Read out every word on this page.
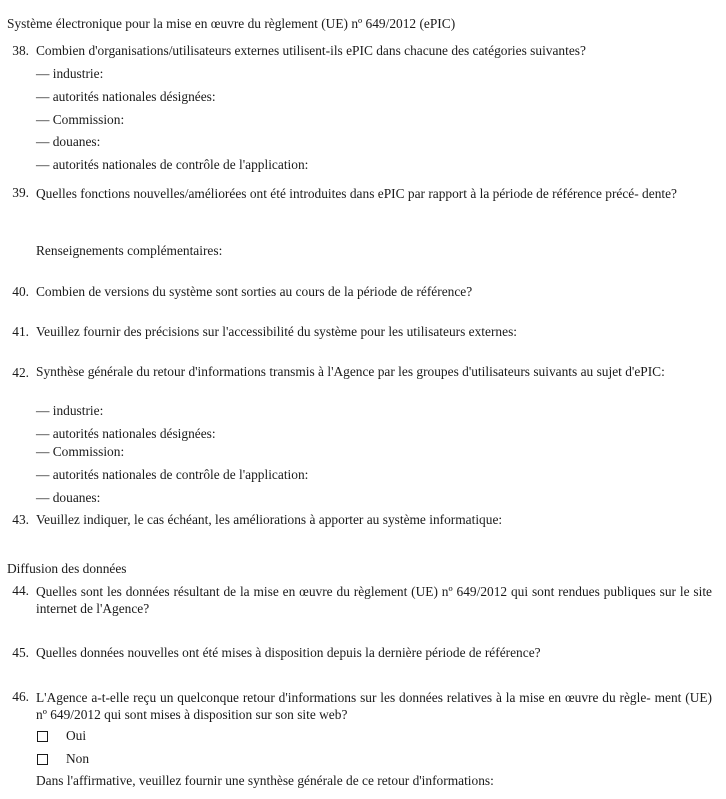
Système électronique pour la mise en œuvre du règlement (UE) nº 649/2012 (ePIC)
38. Combien d'organisations/utilisateurs externes utilisent-ils ePIC dans chacune des catégories suivantes?
— industrie:
— autorités nationales désignées:
— Commission:
— douanes:
— autorités nationales de contrôle de l'application:
39. Quelles fonctions nouvelles/améliorées ont été introduites dans ePIC par rapport à la période de référence précé- dente?
Renseignements complémentaires:
40. Combien de versions du système sont sorties au cours de la période de référence?
41. Veuillez fournir des précisions sur l'accessibilité du système pour les utilisateurs externes:
42. Synthèse générale du retour d'informations transmis à l'Agence par les groupes d'utilisateurs suivants au sujet d'ePIC:
— industrie:
— autorités nationales désignées:
— Commission:
— autorités nationales de contrôle de l'application:
— douanes:
43. Veuillez indiquer, le cas échéant, les améliorations à apporter au système informatique:
Diffusion des données
44. Quelles sont les données résultant de la mise en œuvre du règlement (UE) nº 649/2012 qui sont rendues publiques sur le site internet de l'Agence?
45. Quelles données nouvelles ont été mises à disposition depuis la dernière période de référence?
46. L'Agence a-t-elle reçu un quelconque retour d'informations sur les données relatives à la mise en œuvre du règle- ment (UE) nº 649/2012 qui sont mises à disposition sur son site web?
Oui
Non
Dans l'affirmative, veuillez fournir une synthèse générale de ce retour d'informations:
